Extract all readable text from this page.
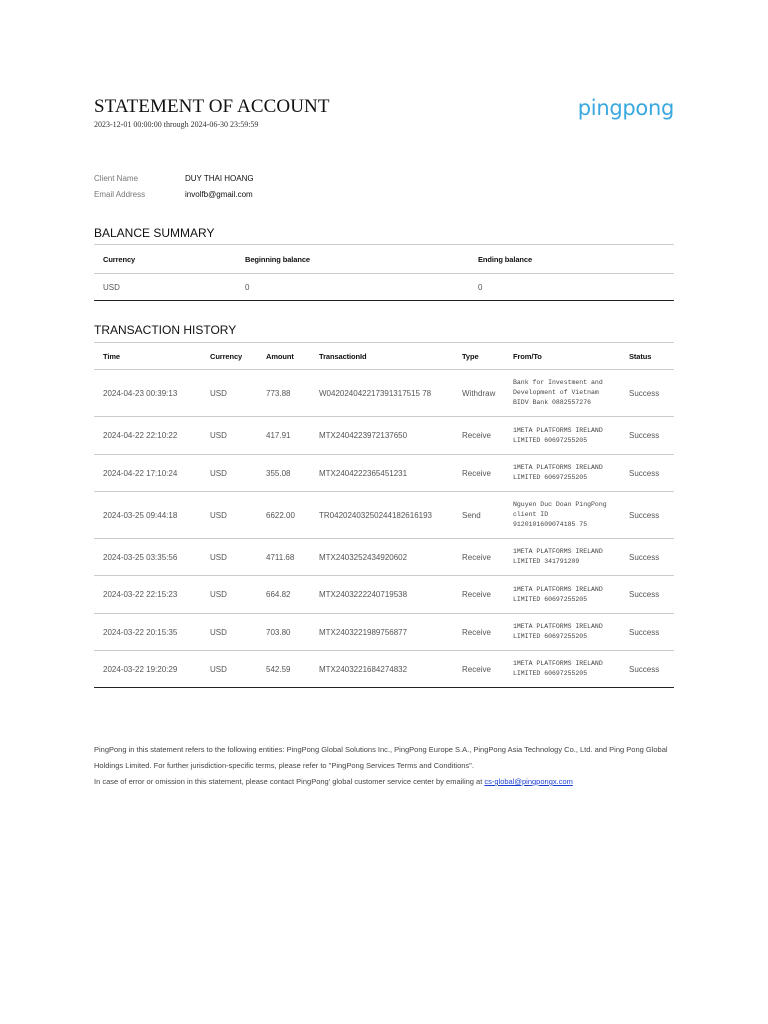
STATEMENT OF ACCOUNT
2023-12-01 00:00:00 through 2024-06-30 23:59:59
pingpong
Client Name	DUY THAI HOANG
Email Address	involfb@gmail.com
BALANCE SUMMARY
Currency	Beginning balance	Ending balance
USD	0	0
TRANSACTION HISTORY
Time	Currency	Amount	TransactionId	Type	From/To	Status
2024-04-23 00:39:13	USD	773.88	W042024042217391317515 78	Withdraw	Bank for Investment and
Development of Vietnam
BIDV Bank 0882557276	Success
2024-04-22 22:10:22	USD	417.91	MTX2404223972137650	Receive	1META PLATFORMS IRELAND
LIMITED 60697255205	Success
2024-04-22 17:10:24	USD	355.08	MTX2404222365451231	Receive	1META PLATFORMS IRELAND
LIMITED 60697255205	Success
2024-03-25 09:44:18	USD	6622.00	TR04202403250244182616193	Send	Nguyen Duc Doan PingPong
client ID
9120101609074185 75	Success
2024-03-25 03:35:56	USD	4711.68	MTX2403252434920602	Receive	1META PLATFORMS IRELAND
LIMITED 341791209	Success
2024-03-22 22:15:23	USD	664.82	MTX2403222240719538	Receive	1META PLATFORMS IRELAND
LIMITED 60697255205	Success
2024-03-22 20:15:35	USD	703.80	MTX2403221989756877	Receive	1META PLATFORMS IRELAND
LIMITED 60697255205	Success
2024-03-22 19:20:29	USD	542.59	MTX2403221684274832	Receive	1META PLATFORMS IRELAND
LIMITED 60697255205	Success
PingPong in this statement refers to the following entities: PingPong Global Solutions Inc., PingPong Europe S.A., PingPong Asia Technology Co., Ltd. and Ping Pong Global Holdings Limited. For further jurisdiction-specific terms, please refer to "PingPong Services Terms and Conditions".
In case of error or omission in this statement, please contact PingPong' global customer service center by emailing at cs-global@pingpongx.com
